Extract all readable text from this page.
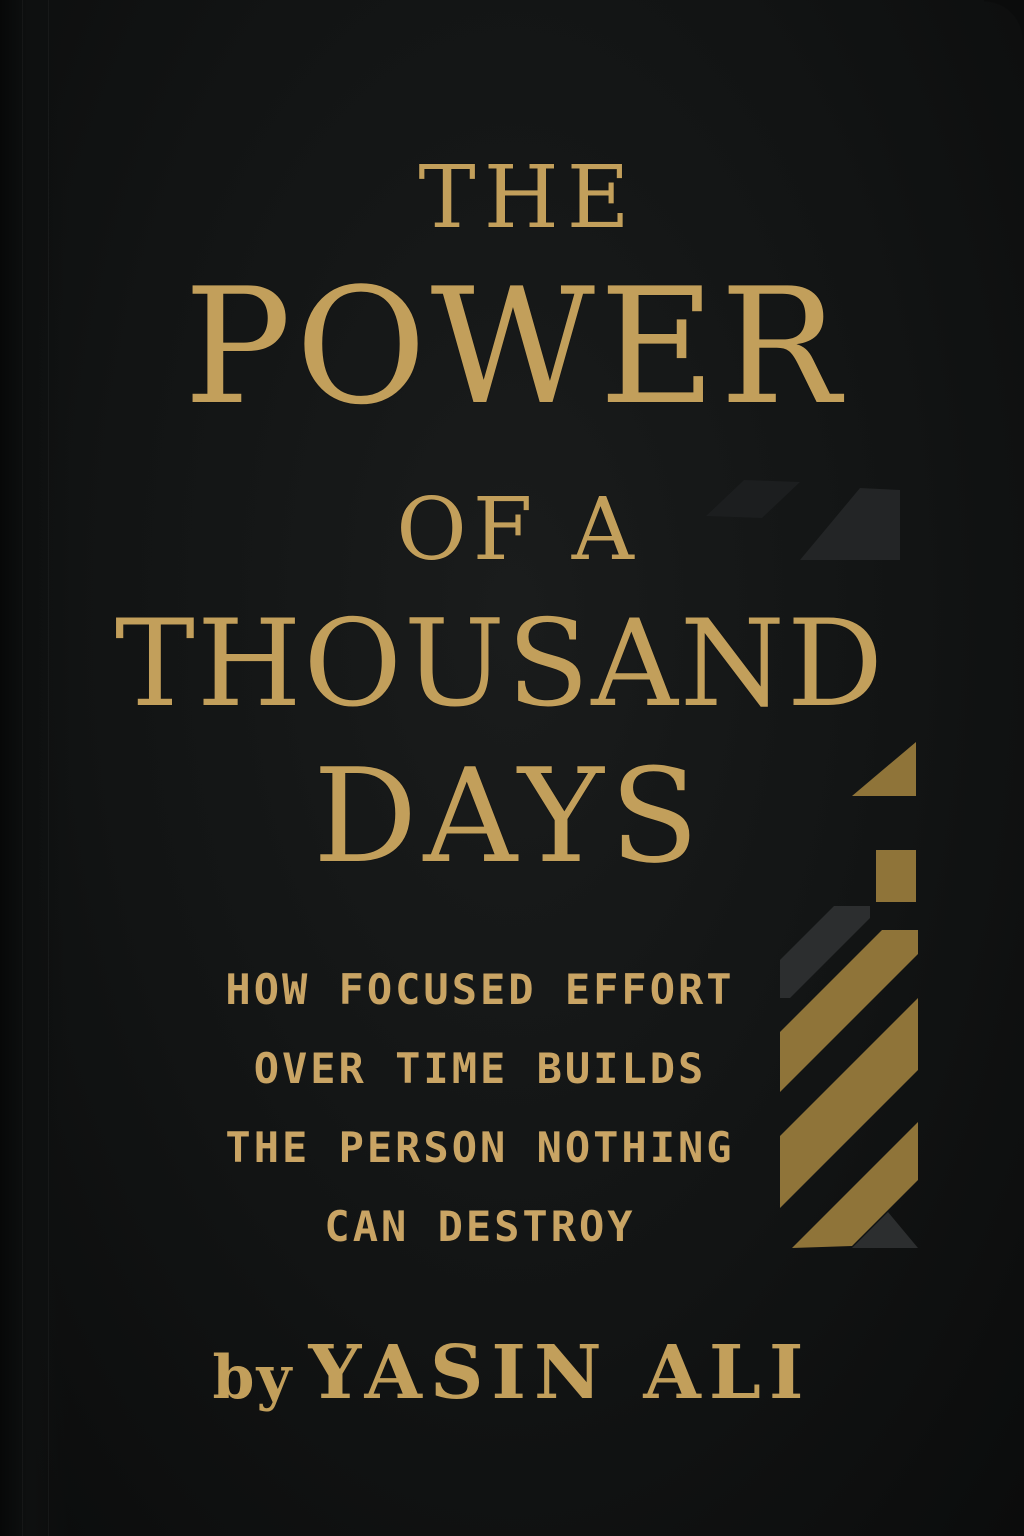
THE
POWER
OF A
THOUSAND
DAYS
HOW FOCUSED EFFORT
OVER TIME BUILDS
THE PERSON NOTHING
CAN DESTROY
by YASIN ALI
